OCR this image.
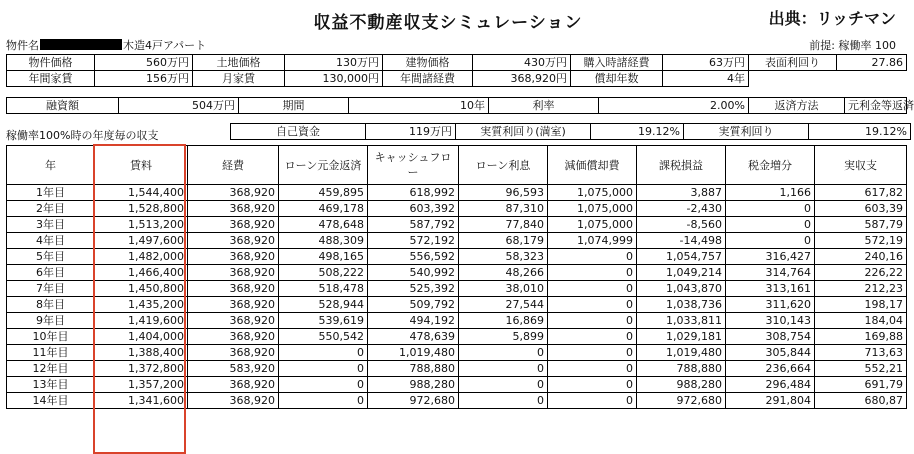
収益不動産収支シミュレーション	出典：リッチマン
物件名	木造4戸アパート	前提: 稼働率 100
物件価格	560万円	土地価格	130万円	建物価格	430万円	購入時諸経費	63万円	表面利回り	27.86
年間家賃	156万円	月家賃	130,000円	年間諸経費	368,920円	償却年数	4年		
融資額	504万円	期間	10年	利率	2.00%	返済方法	元利金等返済
稼働率100%時の年度毎の収支	自己資金	119万円	実質利回り(満室)	19.12%	実質利回り	19.12%
年	賃料	経費	ローン元金返済	キャッシュフロー	ローン利息	減価償却費	課税損益	税金増分	実収支
1年目	1,544,400	368,920	459,895	618,992	96,593	1,075,000	3,887	1,166	617,82
2年目	1,528,800	368,920	469,178	603,392	87,310	1,075,000	-2,430	0	603,39
3年目	1,513,200	368,920	478,648	587,792	77,840	1,075,000	-8,560	0	587,79
4年目	1,497,600	368,920	488,309	572,192	68,179	1,074,999	-14,498	0	572,19
5年目	1,482,000	368,920	498,165	556,592	58,323	0	1,054,757	316,427	240,16
6年目	1,466,400	368,920	508,222	540,992	48,266	0	1,049,214	314,764	226,22
7年目	1,450,800	368,920	518,478	525,392	38,010	0	1,043,870	313,161	212,23
8年目	1,435,200	368,920	528,944	509,792	27,544	0	1,038,736	311,620	198,17
9年目	1,419,600	368,920	539,619	494,192	16,869	0	1,033,811	310,143	184,04
10年目	1,404,000	368,920	550,542	478,639	5,899	0	1,029,181	308,754	169,88
11年目	1,388,400	368,920	0	1,019,480	0	0	1,019,480	305,844	713,63
12年目	1,372,800	583,920	0	788,880	0	0	788,880	236,664	552,21
13年目	1,357,200	368,920	0	988,280	0	0	988,280	296,484	691,79
14年目	1,341,600	368,920	0	972,680	0	0	972,680	291,804	680,87
